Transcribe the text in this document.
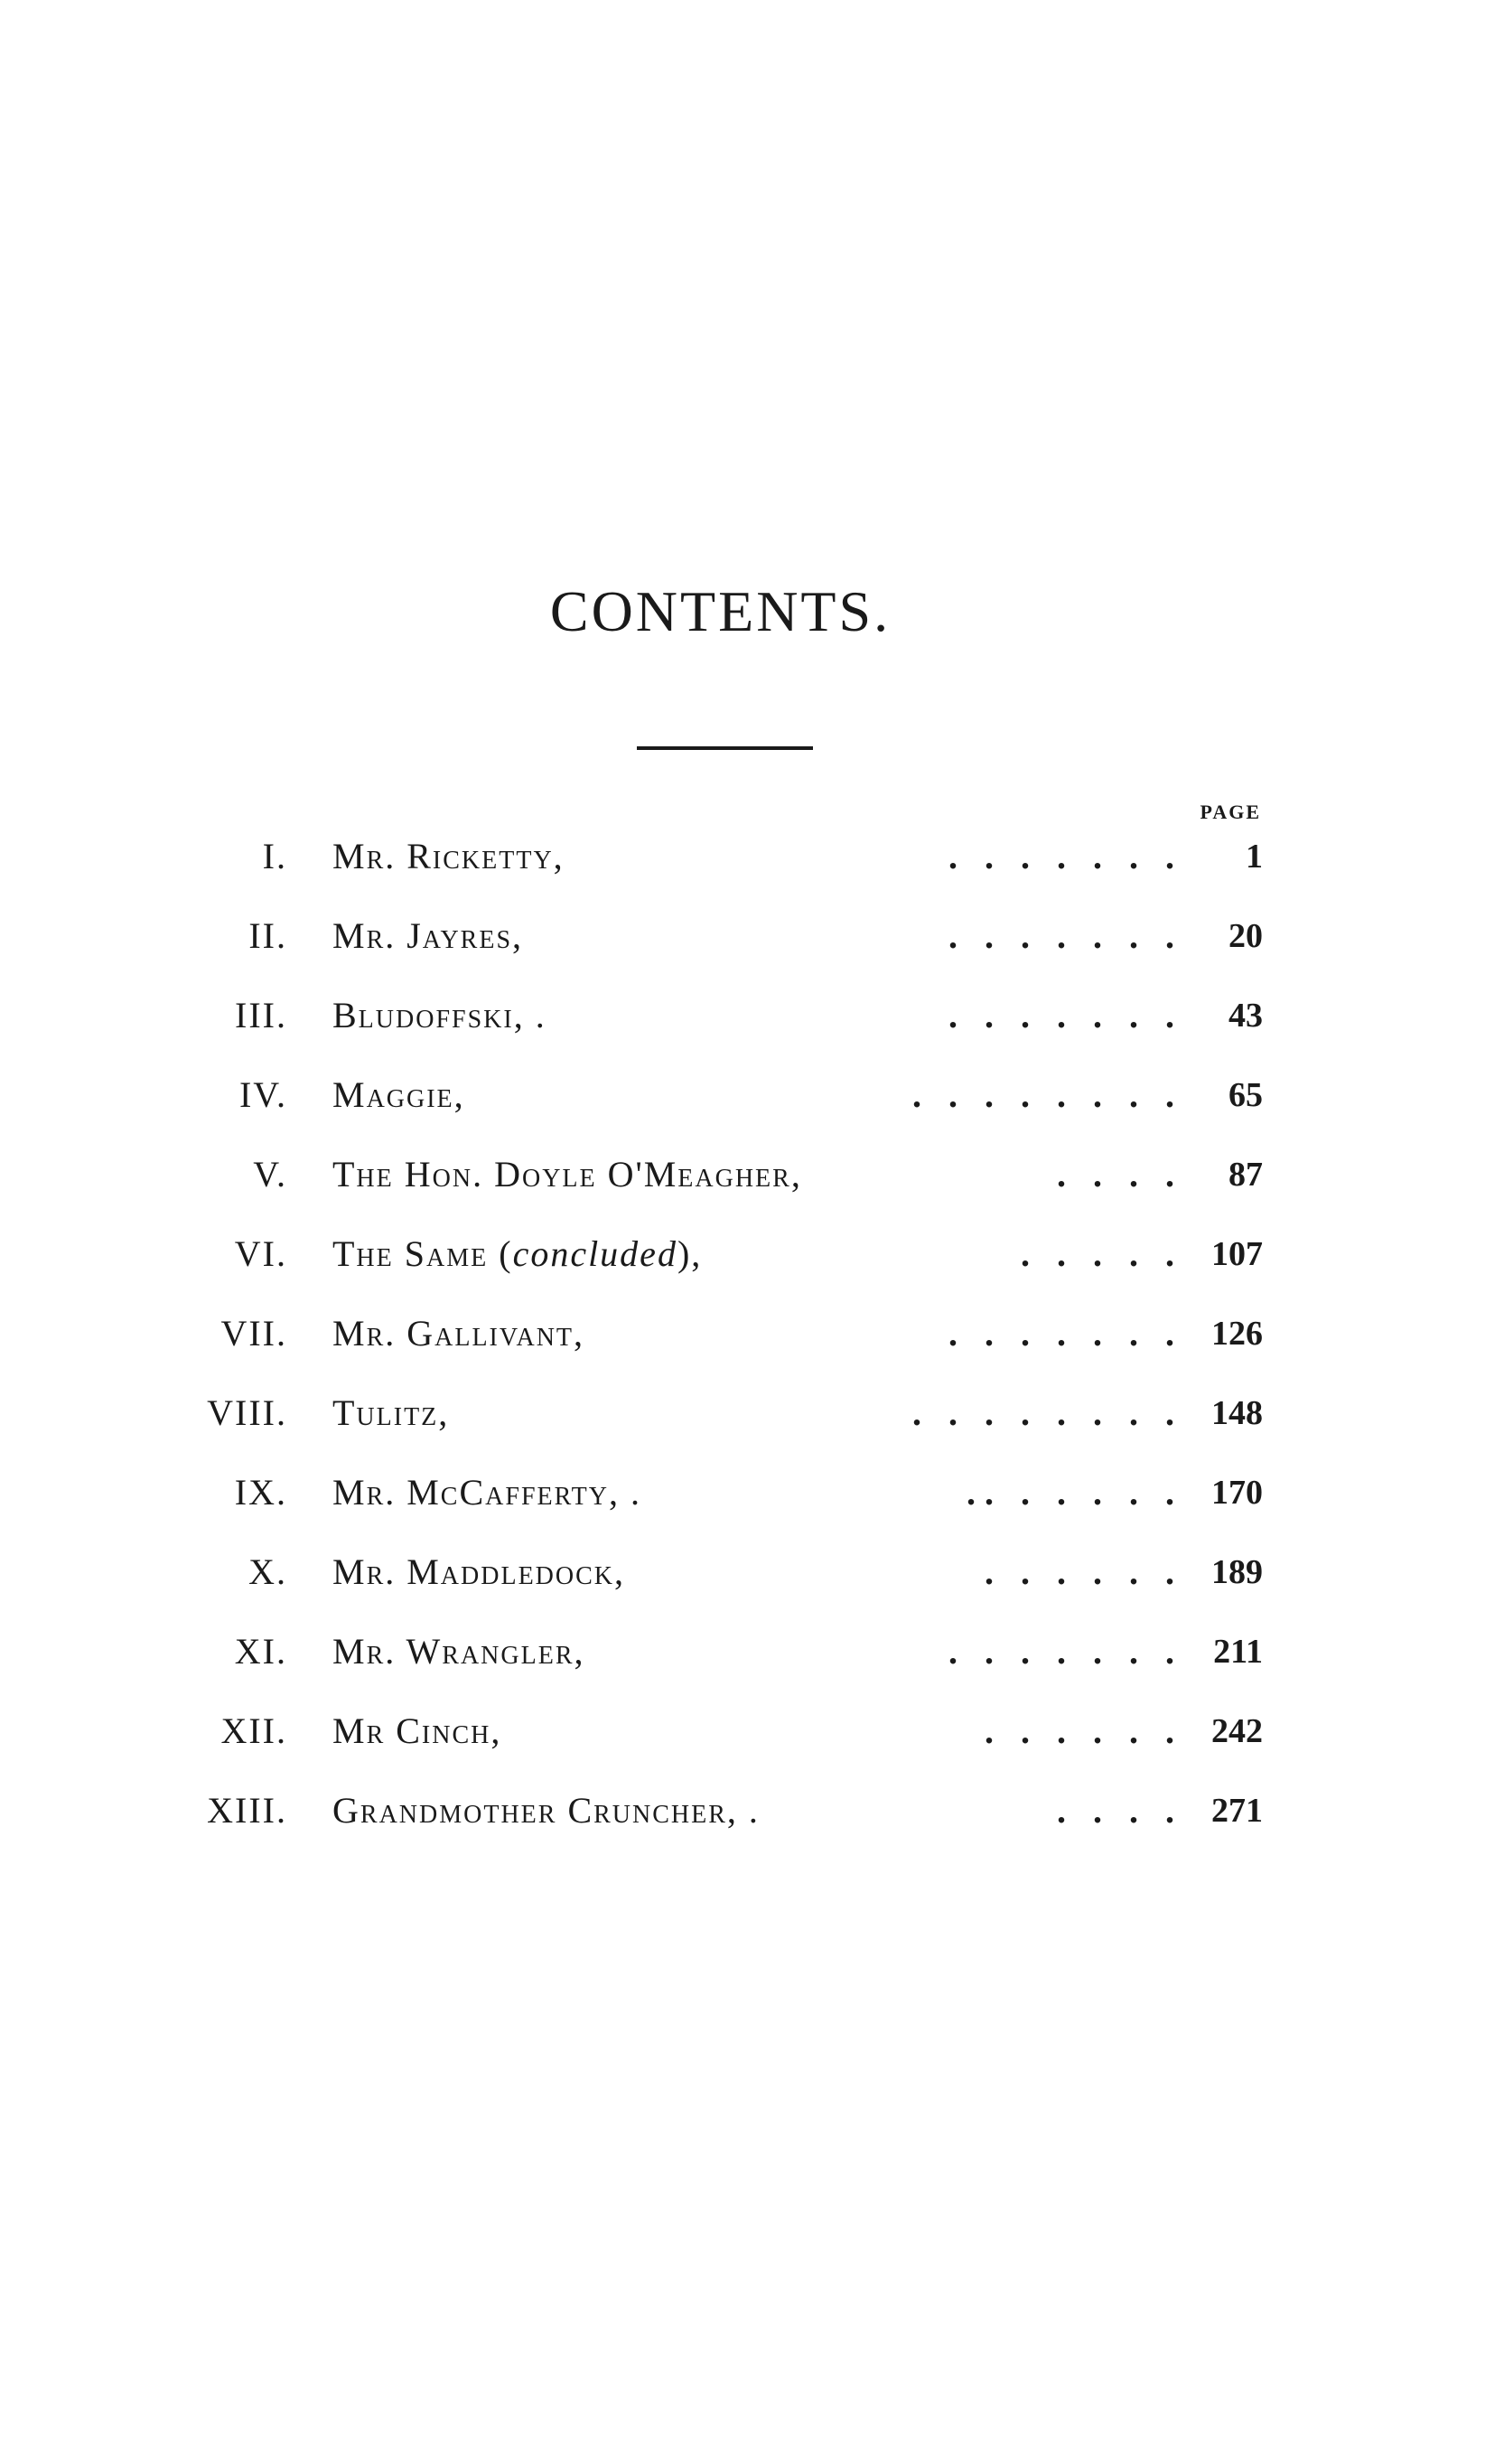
CONTENTS.
PAGE
I. Mr. Ricketty,	.   .   .   .   .   .   .	1
II. Mr. Jayres,	.   .   .   .   .   .   .	20
III. Bludoffski, .	.   .   .   .   .   .   .	43
IV. Maggie,	.   .   .   .   .   .   .   .	65
V. The Hon. Doyle O'Meagher,	.   .   .   .	87
VI. The Same (concluded),	.   .   .   .   .	107
VII. Mr. Gallivant,	.   .   .   .   .   .   .	126
VIII. Tulitz,	.   .   .   .   .   .   .   .	148
IX. Mr. McCafferty, .	. .   .   .   .   .   .	170
X. Mr. Maddledock,	.   .   .   .   .   .	189
XI. Mr. Wrangler,	.   .   .   .   .   .   .	211
XII. Mr Cinch,	.   .   .   .   .   .	242
XIII. Grandmother Cruncher, .	.   .   .   .	271
